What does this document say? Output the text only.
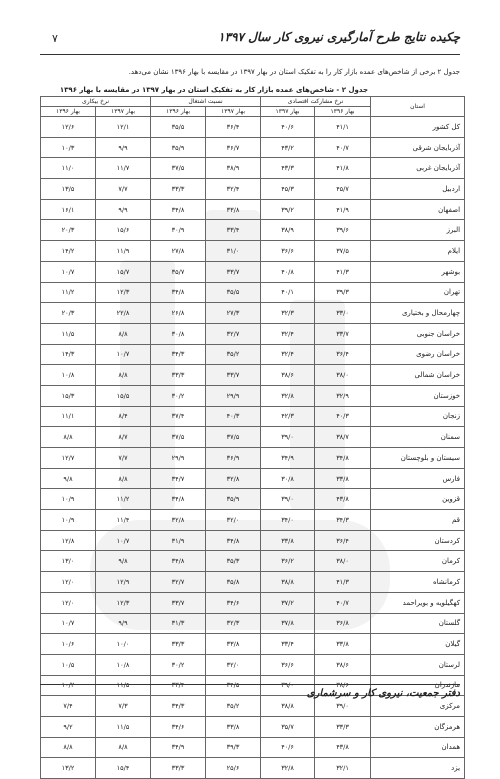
چکیده نتایج طرح آمارگیری نیروی کار سال ۱۳۹۷
۷
جدول ۲ برخی از شاخص‌های عمده بازار کار را به تفکیک استان در بهار ۱۳۹۷ در مقایسه با بهار ۱۳۹۶ نشان می‌دهد.
جدول ۲ - شاخص‌های عمده بازار کار به تفکیک استان در بهار ۱۳۹۷ در مقایسه با بهار ۱۳۹۶
استان	نرخ مشارکت اقتصادی		نسبت اشتغال		نرخ بیکاری	
	بهار ۱۳۹۶	بهار ۱۳۹۷	بهار ۱۳۹۷	بهار ۱۳۹۶	بهار ۱۳۹۷	بهار ۱۳۹۶
کل کشور	۴۱/۱	۴۰/۶	۳۶/۴	۳۵/۵	۱۲/۱	۱۲/۶
آذربایجان شرقی	۴۰/۷	۴۳/۲	۳۶/۷	۳۵/۹	۹/۹	۱۰/۳
آذربایجان غربی	۴۱/۸	۴۳/۳	۳۸/۹	۳۷/۵	۱۱/۷	۱۱/۰
اردبیل	۴۵/۷	۴۵/۳	۳۲/۴	۳۳/۳	۷/۷	۱۳/۵
اصفهان	۴۱/۹	۳۹/۲	۳۳/۸	۳۴/۸	۹/۹	۱۶/۱
البرز	۳۹/۶	۳۸/۹	۳۳/۴	۳۰/۹	۱۵/۶	۲۰/۳
ایلام	۳۷/۵	۳۶/۶	۳۱/۰	۲۷/۸	۱۱/۹	۱۴/۲
بوشهر	۴۱/۳	۴۰/۸	۳۳/۷	۳۵/۷	۱۵/۷	۱۰/۷
تهران	۳۹/۳	۴۰/۱	۳۵/۵	۳۴/۸	۱۲/۳	۱۱/۲
چهارمحال و بختیاری	۳۳/۰	۳۲/۳	۲۷/۳	۲۶/۸	۲۲/۸	۲۰/۳
خراسان جنوبی	۳۳/۷	۳۲/۴	۳۲/۷	۳۰/۸	۸/۸	۱۱/۵
خراسان رضوی	۳۶/۴	۳۲/۴	۳۵/۲	۳۴/۳	۱۰/۷	۱۴/۳
خراسان شمالی	۳۸/۰	۳۸/۶	۳۳/۷	۳۳/۳	۸/۸	۱۰/۸
خوزستان	۳۲/۹	۳۲/۸	۲۹/۹	۳۰/۲	۱۵/۵	۱۵/۳
زنجان	۴۰/۳	۴۲/۳	۴۰/۳	۳۷/۴	۸/۴	۱۱/۱
سمنان	۳۸/۷	۳۹/۰	۳۷/۵	۳۷/۵	۸/۷	۸/۸
سیستان و بلوچستان	۳۴/۸	۳۴/۹	۳۶/۹	۲۹/۹	۷/۷	۱۲/۷
فارس	۳۳/۸	۳۰/۸	۳۲/۸	۳۴/۷	۸/۸	۹/۸
قزوین	۴۳/۸	۳۹/۰	۳۵/۹	۳۴/۸	۱۱/۲	۱۰/۹
قم	۳۴/۳	۳۴/۰	۳۲/۰	۳۲/۸	۱۱/۴	۱۰/۹
کردستان	۳۶/۴	۳۳/۸	۳۴/۸	۳۱/۹	۱۰/۷	۱۲/۸
کرمان	۳۸/۰	۳۶/۲	۳۵/۳	۳۴/۸	۹/۸	۱۳/۰
کرمانشاه	۴۱/۳	۳۸/۸	۳۵/۸	۳۲/۷	۱۲/۹	۱۲/۰
کهگیلویه و بویراحمد	۴۰/۷	۳۷/۲	۳۴/۶	۳۳/۷	۱۲/۳	۱۲/۰
گلستان	۳۶/۸	۳۷/۸	۳۲/۳	۳۱/۳	۹/۹	۱۰/۷
گیلان	۳۳/۸	۳۳/۴	۳۳/۸	۳۳/۳	۱۰/۰	۱۰/۶
لرستان	۳۸/۶	۳۶/۶	۳۲/۰	۳۰/۲	۱۰/۸	۱۰/۵
مازندران	۳۸/۶	۳۹/۰	۳۴/۵	۳۳/۴	۱۱/۵	۱۰/۲
مرکزی	۳۹/۰	۳۸/۸	۳۵/۲	۳۴/۳	۷/۳	۷/۴
هرمزگان	۳۳/۳	۳۵/۷	۳۳/۸	۳۴/۶	۱۱/۵	۹/۲
همدان	۴۳/۸	۴۰/۶	۳۹/۳	۳۴/۹	۸/۸	۸/۸
یزد	۳۲/۱	۳۲/۸	۲۵/۶	۳۳/۳	۱۵/۴	۱۳/۲
دفتر جمعیت، نیروی کار و سرشماری
